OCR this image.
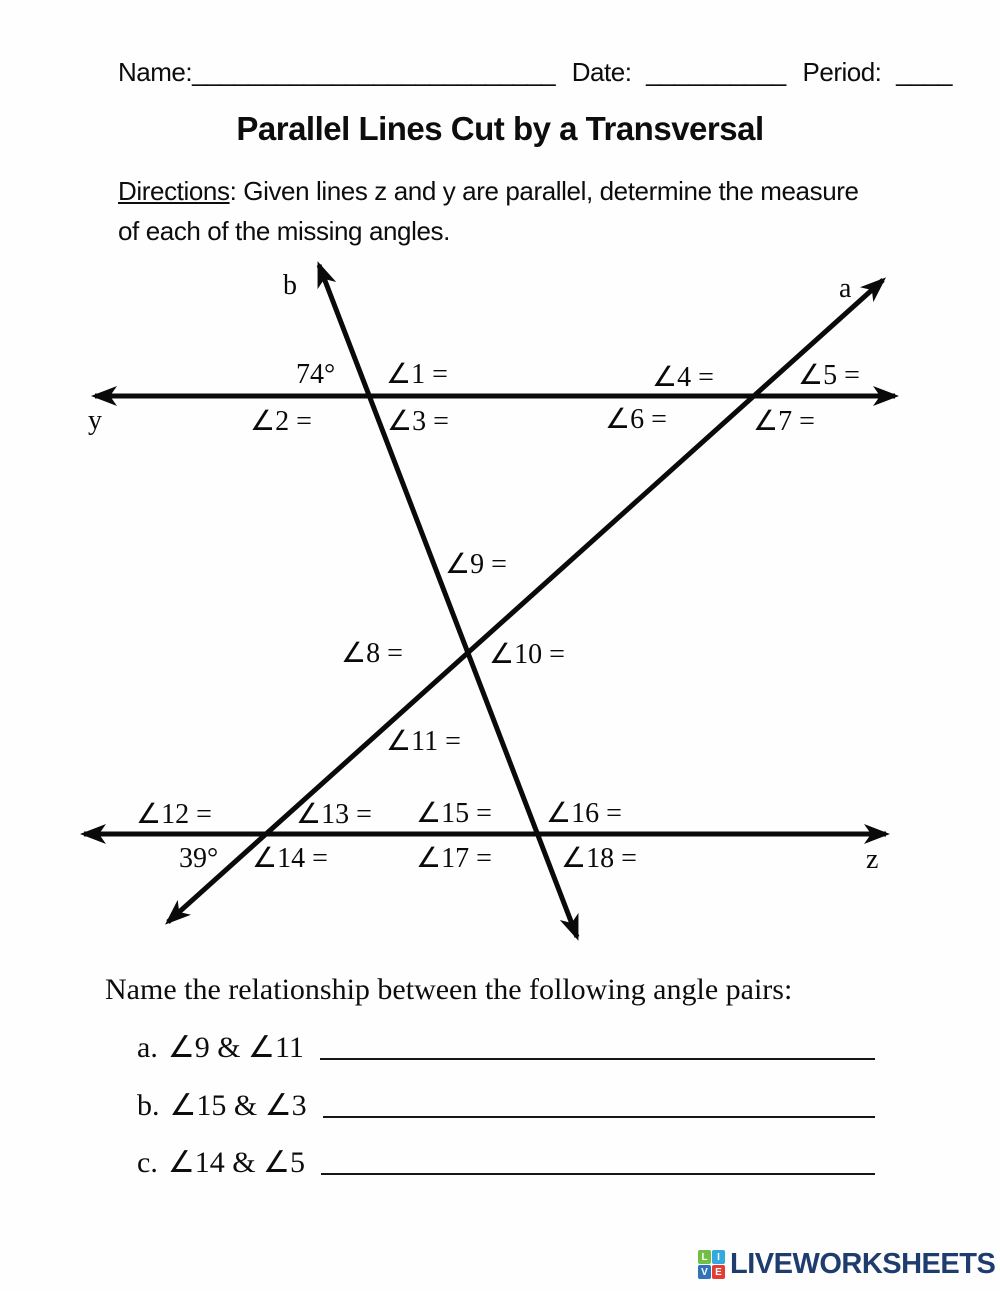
Name:__________________________ Date: __________ Period: ____
Parallel Lines Cut by a Transversal
Directions: Given lines z and y are parallel, determine the measure
of each of the missing angles.
b	a
y
z
74°
39°
∠1 =
∠2 =	∠3 =
∠4 =	∠5 =
∠6 =	∠7 =
∠8 =
∠9 =
∠10 =
∠11 =
∠12 =	∠13 =
∠14 =
∠15 = ∠16 =
∠17 = ∠18 =
Name the relationship between the following angle pairs:
a. ∠9 & ∠11
b. ∠15 & ∠3
c. ∠14 & ∠5
L I
V E LIVEWORKSHEETS
